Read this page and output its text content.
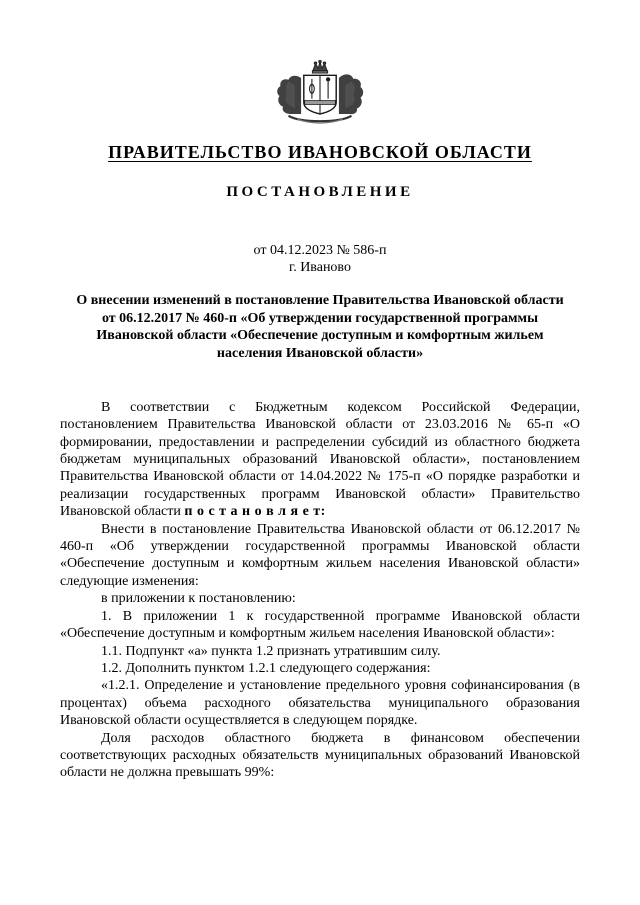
ПРАВИТЕЛЬСТВО ИВАНОВСКОЙ ОБЛАСТИ
ПОСТАНОВЛЕНИЕ
от 04.12.2023 № 586-п
г. Иваново
О внесении изменений в постановление Правительства Ивановской области от 06.12.2017 № 460-п «Об утверждении государственной программы Ивановской области «Обеспечение доступным и комфортным жильем населения Ивановской области»

В соответствии с Бюджетным кодексом Российской Федерации, постановлением Правительства Ивановской области от 23.03.2016 № 65-п «О формировании, предоставлении и распределении субсидий из областного бюджета бюджетам муниципальных образований Ивановской области», постановлением Правительства Ивановской области от 14.04.2022 № 175-п «О порядке разработки и реализации государственных программ Ивановской области» Правительство Ивановской области п о с т а н о в л я е т:

Внести в постановление Правительства Ивановской области от 06.12.2017 № 460-п «Об утверждении государственной программы Ивановской области «Обеспечение доступным и комфортным жильем населения Ивановской области» следующие изменения:

в приложении к постановлению:

1. В приложении 1 к государственной программе Ивановской области «Обеспечение доступным и комфортным жильем населения Ивановской области»:

1.1. Подпункт «а» пункта 1.2 признать утратившим силу.

1.2. Дополнить пунктом 1.2.1 следующего содержания:

«1.2.1. Определение и установление предельного уровня софинансирования (в процентах) объема расходного обязательства муниципального образования Ивановской области осуществляется в следующем порядке.

Доля расходов областного бюджета в финансовом обеспечении соответствующих расходных обязательств муниципальных образований Ивановской области не должна превышать 99%:
